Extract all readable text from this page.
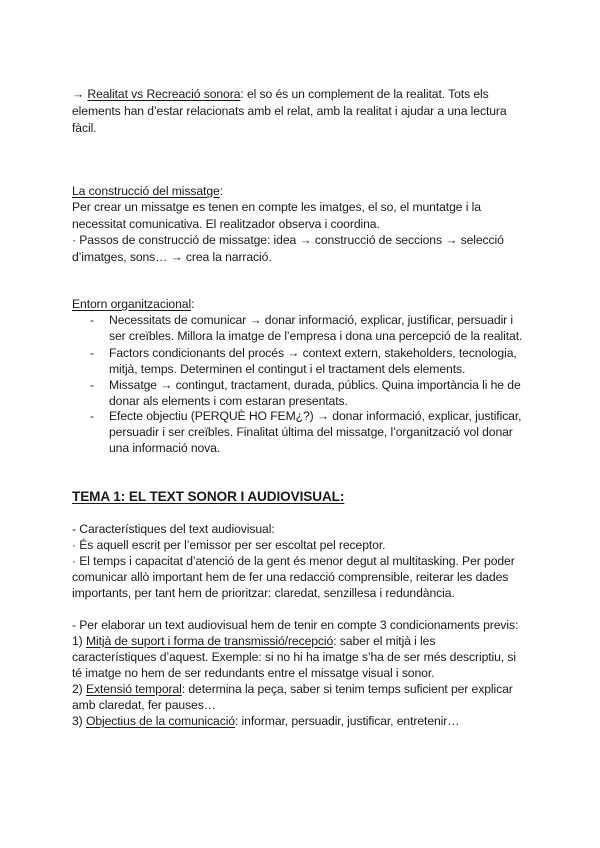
→ Realitat vs Recreació sonora: el so és un complement de la realitat. Tots els
elements han d’estar relacionats amb el relat, amb la realitat i ajudar a una lectura
fàcil.
La construcció del missatge:
Per crear un missatge es tenen en compte les imatges, el so, el muntatge i la
necessitat comunicativa. El realitzador observa i coordina.
· Passos de construcció de missatge: idea → construcció de seccions → selecció
d’imatges, sons… → crea la narració.
Entorn organitzacional:
- Necessitats de comunicar → donar informació, explicar, justificar, persuadir i
ser creïbles. Millora la imatge de l’empresa i dona una percepció de la realitat.
- Factors condicionants del procés → context extern, stakeholders, tecnologia,
mitjà, temps. Determinen el contingut i el tractament dels elements.
- Missatge → contingut, tractament, durada, públics. Quina importància li he de
donar als elements i com estaran presentats.
- Efecte objectiu (PERQUÈ HO FEM¿?) → donar informació, explicar, justificar,
persuadir i ser creïbles. Finalitat última del missatge, l’organització vol donar
una informació nova.
TEMA 1: EL TEXT SONOR I AUDIOVISUAL:
- Característiques del text audiovisual:
· És aquell escrit per l’emissor per ser escoltat pel receptor.
· El temps i capacitat d’atenció de la gent és menor degut al multitasking. Per poder
comunicar allò important hem de fer una redacció comprensible, reiterar les dades
importants, per tant hem de prioritzar: claredat, senzillesa i redundància.
- Per elaborar un text audiovisual hem de tenir en compte 3 condicionaments previs:
1) Mitjà de suport i forma de transmissió/recepció: saber el mitjà i les
característiques d’aquest. Exemple: si no hi ha imatge s’ha de ser més descriptiu, si
té imatge no hem de ser redundants entre el missatge visual i sonor.
2) Extensió temporal: determina la peça, saber si tenim temps suficient per explicar
amb claredat, fer pauses…
3) Objectius de la comunicació: informar, persuadir, justificar, entretenir…
